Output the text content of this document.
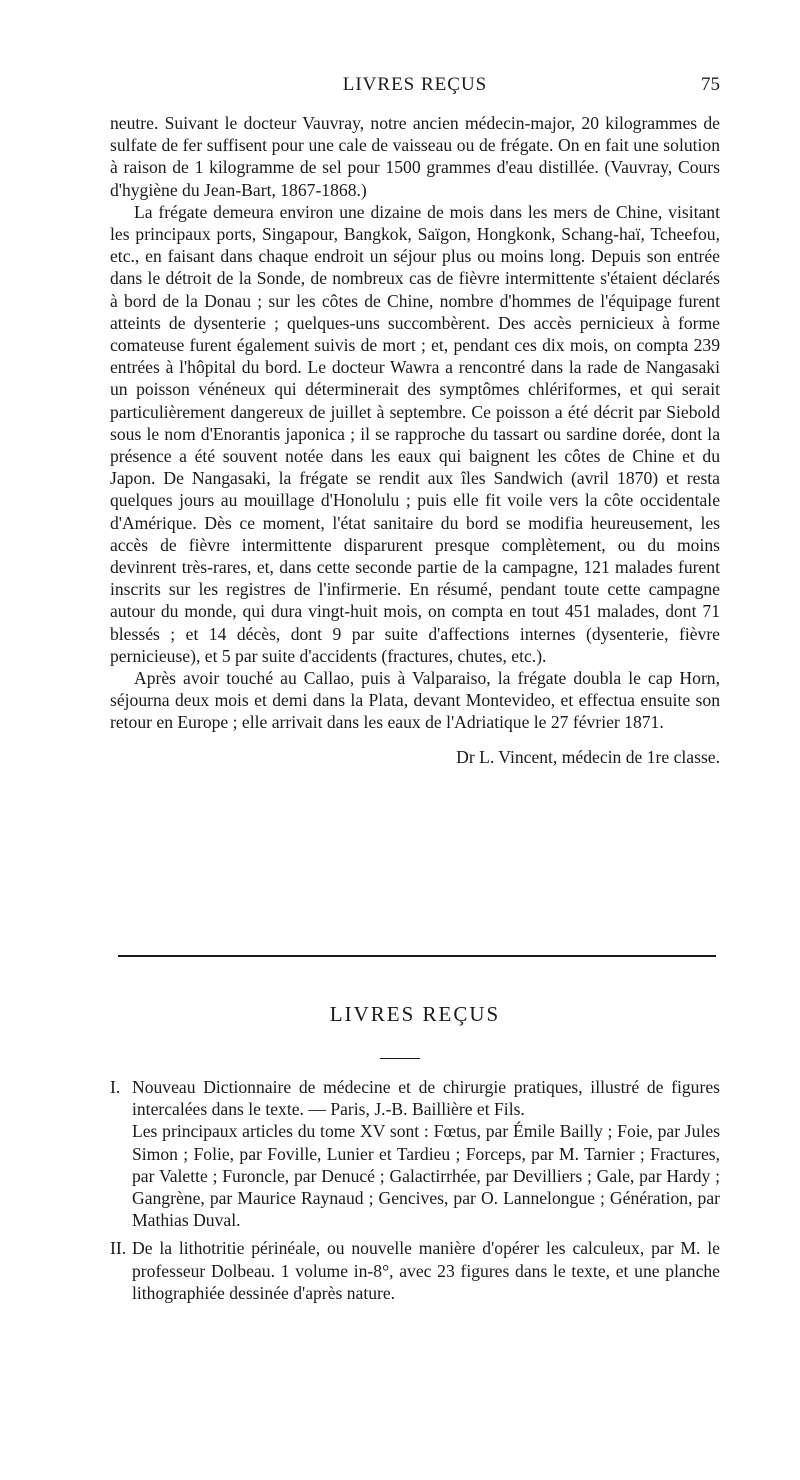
LIVRES REÇUS	75

neutre. Suivant le docteur Vauvray, notre ancien médecin-major, 20 kilogrammes de sulfate de fer suffisent pour une cale de vaisseau ou de frégate. On en fait une solution à raison de 1 kilogramme de sel pour 1500 grammes d'eau distillée. (Vauvray, Cours d'hygiène du Jean-Bart, 1867-1868.)

La frégate demeura environ une dizaine de mois dans les mers de Chine, visitant les principaux ports, Singapour, Bangkok, Saïgon, Hongkonk, Schang-haï, Tcheefou, etc., en faisant dans chaque endroit un séjour plus ou moins long. Depuis son entrée dans le détroit de la Sonde, de nombreux cas de fièvre intermittente s'étaient déclarés à bord de la Donau ; sur les côtes de Chine, nombre d'hommes de l'équipage furent atteints de dysenterie ; quelques-uns succombèrent. Des accès pernicieux à forme comateuse furent également suivis de mort ; et, pendant ces dix mois, on compta 239 entrées à l'hôpital du bord. Le docteur Wawra a rencontré dans la rade de Nangasaki un poisson vénéneux qui déterminerait des symptômes chlériformes, et qui serait particulièrement dangereux de juillet à septembre. Ce poisson a été décrit par Siebold sous le nom d'Enorantis japonica ; il se rapproche du tassart ou sardine dorée, dont la présence a été souvent notée dans les eaux qui baignent les côtes de Chine et du Japon. De Nangasaki, la frégate se rendit aux îles Sandwich (avril 1870) et resta quelques jours au mouillage d'Honolulu ; puis elle fit voile vers la côte occidentale d'Amérique. Dès ce moment, l'état sanitaire du bord se modifia heureusement, les accès de fièvre intermittente disparurent presque complètement, ou du moins devinrent très-rares, et, dans cette seconde partie de la campagne, 121 malades furent inscrits sur les registres de l'infirmerie. En résumé, pendant toute cette campagne autour du monde, qui dura vingt-huit mois, on compta en tout 451 malades, dont 71 blessés ; et 14 décès, dont 9 par suite d'affections internes (dysenterie, fièvre pernicieuse), et 5 par suite d'accidents (fractures, chutes, etc.).

Après avoir touché au Callao, puis à Valparaiso, la frégate doubla le cap Horn, séjourna deux mois et demi dans la Plata, devant Montevideo, et effectua ensuite son retour en Europe ; elle arrivait dans les eaux de l'Adriatique le 27 février 1871.

Dr L. Vincent, médecin de 1re classe.

LIVRES REÇUS
I. Nouveau Dictionnaire de médecine et de chirurgie pratiques, illustré de figures intercalées dans le texte. — Paris, J.-B. Baillière et Fils.

Les principaux articles du tome XV sont : Fœtus, par Émile Bailly ; Foie, par Jules Simon ; Folie, par Foville, Lunier et Tardieu ; Forceps, par M. Tarnier ; Fractures, par Valette ; Furoncle, par Denucé ; Galactirrhée, par Devilliers ; Gale, par Hardy ; Gangrène, par Maurice Raynaud ; Gencives, par O. Lannelongue ; Génération, par Mathias Duval.

II. De la lithotritie périnéale, ou nouvelle manière d'opérer les calculeux, par M. le professeur Dolbeau. 1 volume in-8°, avec 23 figures dans le texte, et une planche lithographiée dessinée d'après nature.
